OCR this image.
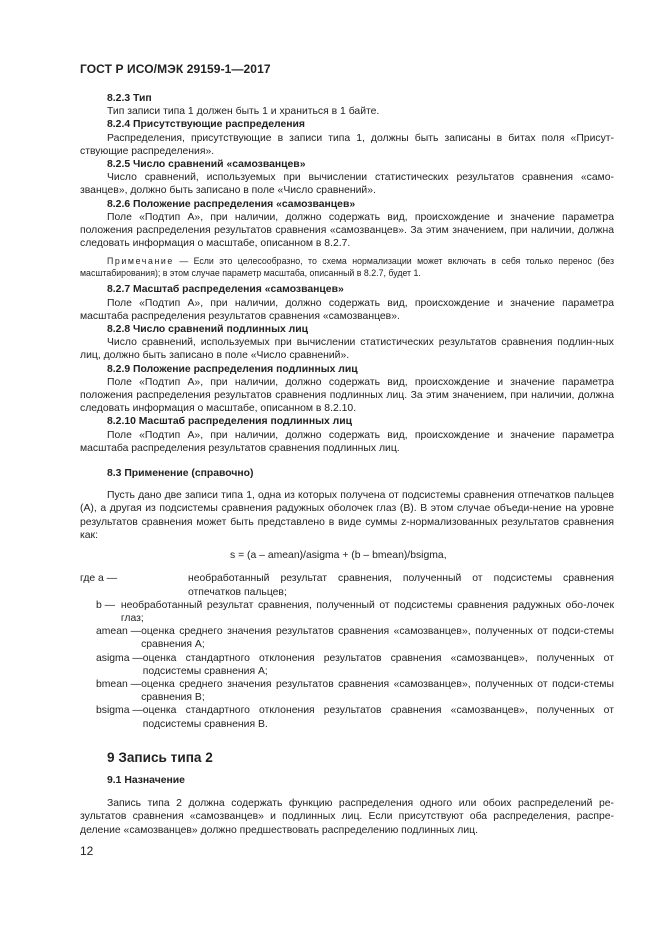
ГОСТ Р ИСО/МЭК 29159-1—2017

8.2.3 Тип

Тип записи типа 1 должен быть 1 и храниться в 1 байте.

8.2.4 Присутствующие распределения

Распределения, присутствующие в записи типа 1, должны быть записаны в битах поля «Присут-ствующие распределения».

8.2.5 Число сравнений «самозванцев»

Число сравнений, используемых при вычислении статистических результатов сравнения «само-званцев», должно быть записано в поле «Число сравнений».

8.2.6 Положение распределения «самозванцев»

Поле «Подтип A», при наличии, должно содержать вид, происхождение и значение параметра положения распределения результатов сравнения «самозванцев». За этим значением, при наличии, должна следовать информация о масштабе, описанном в 8.2.7.

Примечание — Если это целесообразно, то схема нормализации может включать в себя только перенос (без масштабирования); в этом случае параметр масштаба, описанный в 8.2.7, будет 1.

8.2.7 Масштаб распределения «самозванцев»

Поле «Подтип A», при наличии, должно содержать вид, происхождение и значение параметра масштаба распределения результатов сравнения «самозванцев».

8.2.8 Число сравнений подлинных лиц

Число сравнений, используемых при вычислении статистических результатов сравнения подлин-ных лиц, должно быть записано в поле «Число сравнений».

8.2.9 Положение распределения подлинных лиц

Поле «Подтип A», при наличии, должно содержать вид, происхождение и значение параметра положения распределения результатов сравнения подлинных лиц. За этим значением, при наличии, должна следовать информация о масштабе, описанном в 8.2.10.

8.2.10 Масштаб распределения подлинных лиц

Поле «Подтип A», при наличии, должно содержать вид, происхождение и значение параметра масштаба распределения результатов сравнения подлинных лиц.

8.3 Применение (справочно)

Пусть дано две записи типа 1, одна из которых получена от подсистемы сравнения отпечатков пальцев (A), а другая из подсистемы сравнения радужных оболочек глаз (B). В этом случае объеди-нение на уровне результатов сравнения может быть представлено в виде суммы z-нормализованных результатов сравнения как:

s = (a – amean)/asigma + (b – bmean)/bsigma,

где a —	необработанный результат сравнения, полученный от подсистемы сравнения отпечатков пальцев;
b — необработанный результат сравнения, полученный от подсистемы сравнения радужных обо-лочек глаз;
amean — оценка среднего значения результатов сравнения «самозванцев», полученных от подси-стемы сравнения A;
asigma — оценка стандартного отклонения результатов сравнения «самозванцев», полученных от подсистемы сравнения A;
bmean — оценка среднего значения результатов сравнения «самозванцев», полученных от подси-стемы сравнения B;
bsigma — оценка стандартного отклонения результатов сравнения «самозванцев», полученных от подсистемы сравнения B.

9 Запись типа 2

9.1 Назначение

Запись типа 2 должна содержать функцию распределения одного или обоих распределений ре-зультатов сравнения «самозванцев» и подлинных лиц. Если присутствуют оба распределения, распре-деление «самозванцев» должно предшествовать распределению подлинных лиц.

12
